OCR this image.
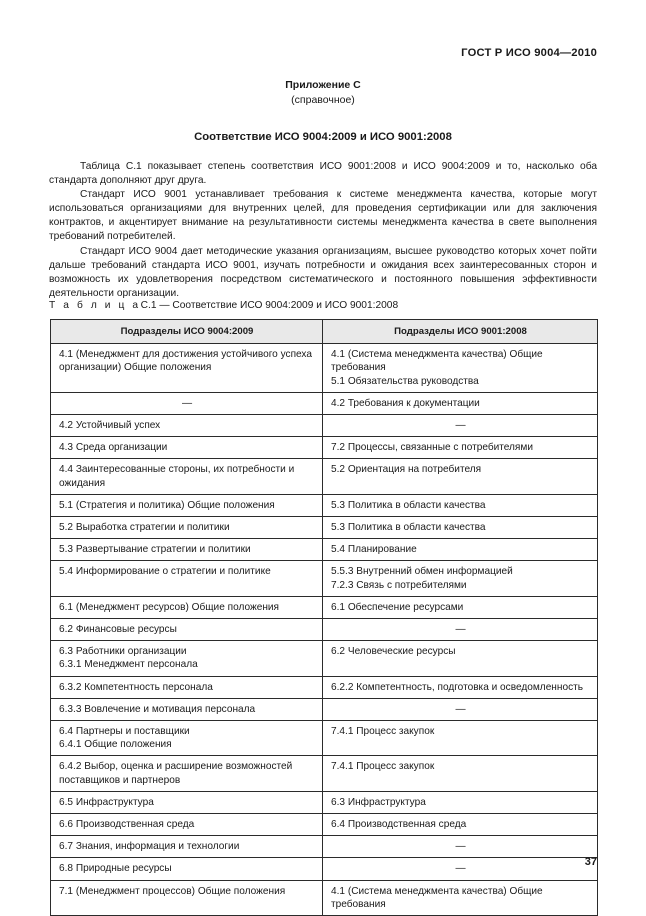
ГОСТ Р ИСО 9004—2010
Приложение С
(справочное)
Соответствие ИСО 9004:2009 и ИСО 9001:2008

Таблица С.1 показывает степень соответствия ИСО 9001:2008 и ИСО 9004:2009 и то, насколько оба стандарта дополняют друг друга.

Стандарт ИСО 9001 устанавливает требования к системе менеджмента качества, которые могут использоваться организациями для внутренних целей, для проведения сертификации или для заключения контрактов, и акцентирует внимание на результативности системы менеджмента качества в свете выполнения требований потребителей.

Стандарт ИСО 9004 дает методические указания организациям, высшее руководство которых хочет пойти дальше требований стандарта ИСО 9001, изучать потребности и ожидания всех заинтересованных сторон и возможность их удовлетворения посредством систематического и постоянного повышения эффективности деятельности организации.

Т а б л и ц аС.1 — Соответствие ИСО 9004:2009 и ИСО 9001:2008
Подразделы ИСО 9004:2009	Подразделы ИСО 9001:2008

4.1 (Менеджмент для достижения устойчивого успеха организации) Общие положения	4.1 (Система менеджмента качества) Общие требования
5.1 Обязательства руководства

—	4.2 Требования к документации

4.2 Устойчивый успех	—

4.3 Среда организации	7.2 Процессы, связанные с потребителями

4.4 Заинтересованные стороны, их потребности и ожидания	5.2 Ориентация на потребителя

5.1 (Стратегия и политика) Общие положения	5.3 Политика в области качества

5.2 Выработка стратегии и политики	5.3 Политика в области качества

5.3 Развертывание стратегии и политики	5.4 Планирование

5.4 Информирование о стратегии и политике	5.5.3 Внутренний обмен информацией
7.2.3 Связь с потребителями

6.1 (Менеджмент ресурсов) Общие положения	6.1 Обеспечение ресурсами

6.2 Финансовые ресурсы	—

6.3 Работники организации
6.3.1 Менеджмент персонала	6.2 Человеческие ресурсы

6.3.2 Компетентность персонала	6.2.2 Компетентность, подготовка и осведомленность

6.3.3 Вовлечение и мотивация персонала	—

6.4 Партнеры и поставщики
6.4.1 Общие положения	7.4.1 Процесс закупок

6.4.2 Выбор, оценка и расширение возможностей поставщиков и партнеров	7.4.1 Процесс закупок

6.5 Инфраструктура	6.3 Инфраструктура

6.6 Производственная среда	6.4 Производственная среда

6.7 Знания, информация и технологии	—

6.8 Природные ресурсы	—

7.1 (Менеджмент процессов) Общие положения	4.1 (Система менеджмента качества) Общие требования
37
